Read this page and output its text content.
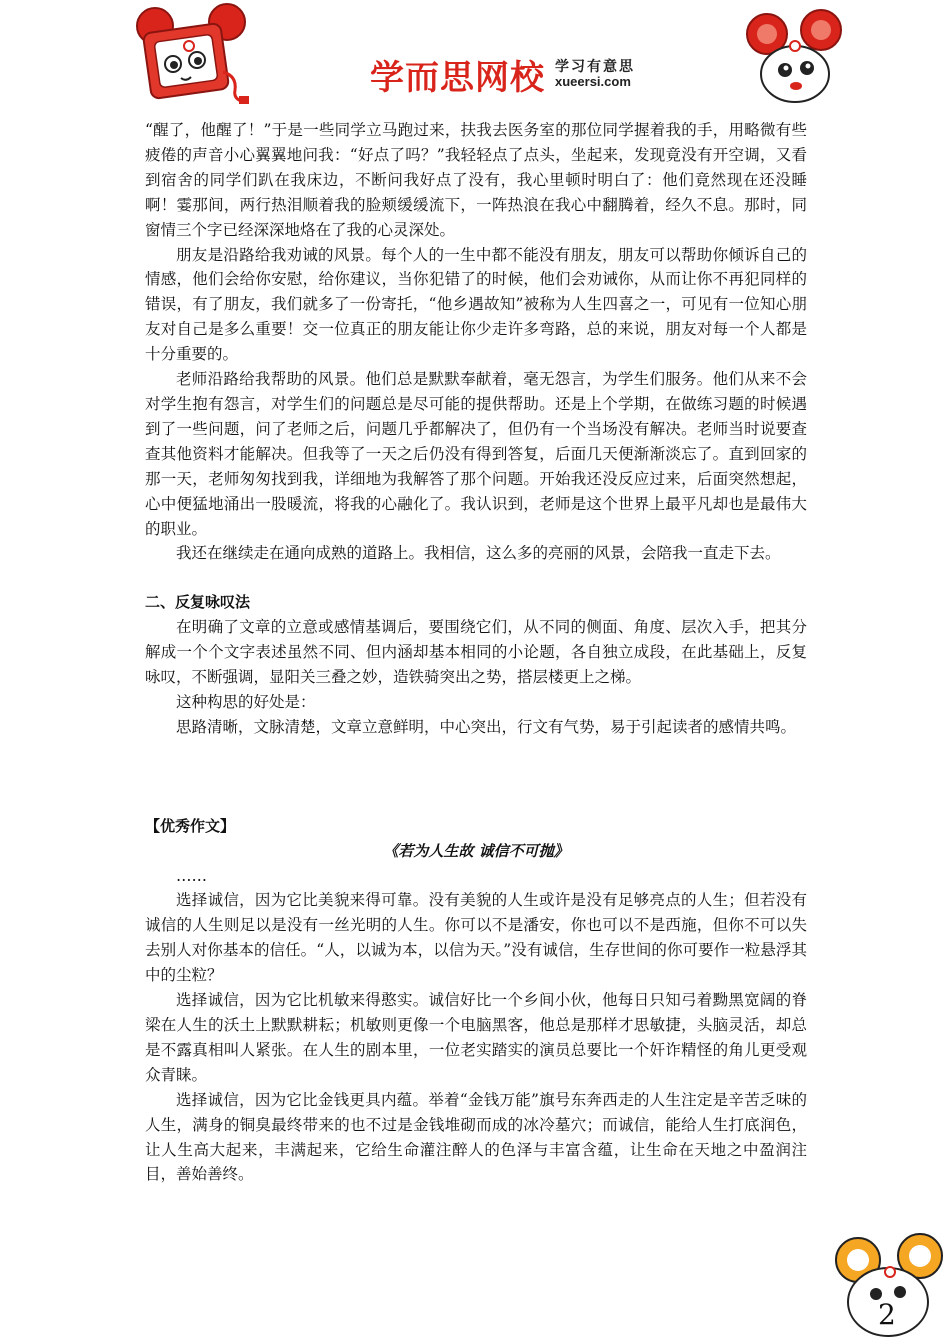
学而思网校 学习有意思
xueersi.com

“醒了，他醒了！”于是一些同学立马跑过来，扶我去医务室的那位同学握着我的手，用略微有些疲倦的声音小心翼翼地问我：“好点了吗？”我轻轻点了点头，坐起来，发现竟没有开空调，又看到宿舍的同学们趴在我床边，不断问我好点了没有，我心里顿时明白了：他们竟然现在还没睡啊！霎那间，两行热泪顺着我的脸颊缓缓流下，一阵热浪在我心中翻腾着，经久不息。那时，同窗情三个字已经深深地烙在了我的心灵深处。

朋友是沿路给我劝诫的风景。每个人的一生中都不能没有朋友，朋友可以帮助你倾诉自己的情感，他们会给你安慰，给你建议，当你犯错了的时候，他们会劝诫你，从而让你不再犯同样的错误，有了朋友，我们就多了一份寄托，“他乡遇故知”被称为人生四喜之一，可见有一位知心朋友对自己是多么重要！交一位真正的朋友能让你少走许多弯路，总的来说，朋友对每一个人都是十分重要的。

老师沿路给我帮助的风景。他们总是默默奉献着，毫无怨言，为学生们服务。他们从来不会对学生抱有怨言，对学生们的问题总是尽可能的提供帮助。还是上个学期，在做练习题的时候遇到了一些问题，问了老师之后，问题几乎都解决了，但仍有一个当场没有解决。老师当时说要查查其他资料才能解决。但我等了一天之后仍没有得到答复，后面几天便渐渐淡忘了。直到回家的那一天，老师匆匆找到我，详细地为我解答了那个问题。开始我还没反应过来，后面突然想起，心中便猛地涌出一股暖流，将我的心融化了。我认识到，老师是这个世界上最平凡却也是最伟大的职业。

我还在继续走在通向成熟的道路上。我相信，这么多的亮丽的风景，会陪我一直走下去。

二、反复咏叹法

在明确了文章的立意或感情基调后，要围绕它们，从不同的侧面、角度、层次入手，把其分解成一个个文字表述虽然不同、但内涵却基本相同的小论题，各自独立成段，在此基础上，反复咏叹，不断强调，显阳关三叠之妙，造铁骑突出之势，搭层楼更上之梯。

这种构思的好处是：

思路清晰，文脉清楚，文章立意鲜明，中心突出，行文有气势，易于引起读者的感情共鸣。

【优秀作文】

《若为人生故 诚信不可抛》

……

选择诚信，因为它比美貌来得可靠。没有美貌的人生或许是没有足够亮点的人生；但若没有诚信的人生则足以是没有一丝光明的人生。你可以不是潘安，你也可以不是西施，但你不可以失去别人对你基本的信任。“人，以诚为本，以信为天。”没有诚信，生存世间的你可要作一粒悬浮其中的尘粒？

选择诚信，因为它比机敏来得憨实。诚信好比一个乡间小伙，他每日只知弓着黝黑宽阔的脊梁在人生的沃土上默默耕耘；机敏则更像一个电脑黑客，他总是那样才思敏捷，头脑灵活，却总是不露真相叫人紧张。在人生的剧本里，一位老实踏实的演员总要比一个奸诈精怪的角儿更受观众青睐。

选择诚信，因为它比金钱更具内蕴。举着“金钱万能”旗号东奔西走的人生注定是辛苦乏味的人生，满身的铜臭最终带来的也不过是金钱堆砌而成的冰冷墓穴；而诚信，能给人生打底润色，让人生高大起来，丰满起来，它给生命灌注醉人的色泽与丰富含蕴，让生命在天地之中盈润注目，善始善终。

2
